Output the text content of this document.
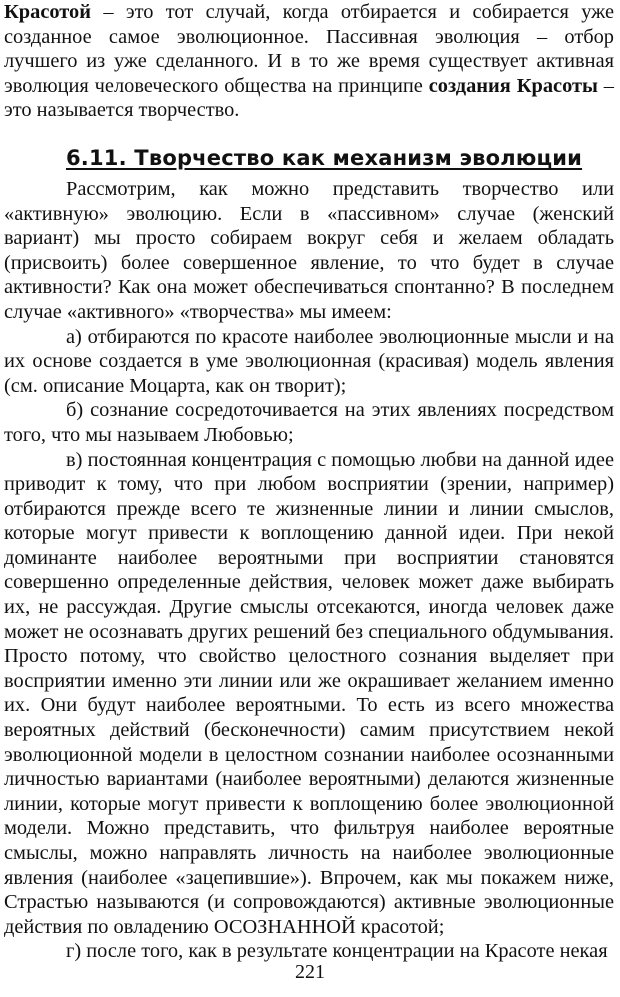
Красотой – это тот случай, когда отбирается и собирается уже созданное самое эволюционное. Пассивная эволюция – отбор лучшего из уже сделанного. И в то же время существует активная эволюция человеческого общества на принципе создания Красоты – это называется творчество.

6.11. Творчество как механизм эволюции

Рассмотрим, как можно представить творчество или «активную» эволюцию. Если в «пассивном» случае (женский вариант) мы просто собираем вокруг себя и желаем обладать (присвоить) более совершенное явление, то что будет в случае активности? Как она может обеспечиваться спонтанно? В последнем случае «активного» «творчества» мы имеем:

а) отбираются по красоте наиболее эволюционные мысли и на их основе создается в уме эволюционная (красивая) модель явления (см. описание Моцарта, как он творит);

б) сознание сосредоточивается на этих явлениях посредством того, что мы называем Любовью;

в) постоянная концентрация с помощью любви на данной идее приводит к тому, что при любом восприятии (зрении, например) отбираются прежде всего те жизненные линии и линии смыслов, которые могут привести к воплощению данной идеи. При некой доминанте наиболее вероятными при восприятии становятся совершенно определенные действия, человек может даже выбирать их, не рассуждая. Другие смыслы отсекаются, иногда человек даже может не осознавать других решений без специального обдумывания. Просто потому, что свойство целостного сознания выделяет при восприятии именно эти линии или же окрашивает желанием именно их. Они будут наиболее вероятными. То есть из всего множества вероятных действий (бесконечности) самим присутствием некой эволюционной модели в целостном сознании наиболее осознанными личностью вариантами (наиболее вероятными) делаются жизненные линии, которые могут привести к воплощению более эволюционной модели. Можно представить, что фильтруя наиболее вероятные смыслы, можно направлять личность на наиболее эволюционные явления (наиболее «зацепившие»). Впрочем, как мы покажем ниже, Страстью называются (и сопровождаются) активные эволюционные действия по овладению ОСОЗНАННОЙ красотой;

г) после того, как в результате концентрации на Красоте некая

221
